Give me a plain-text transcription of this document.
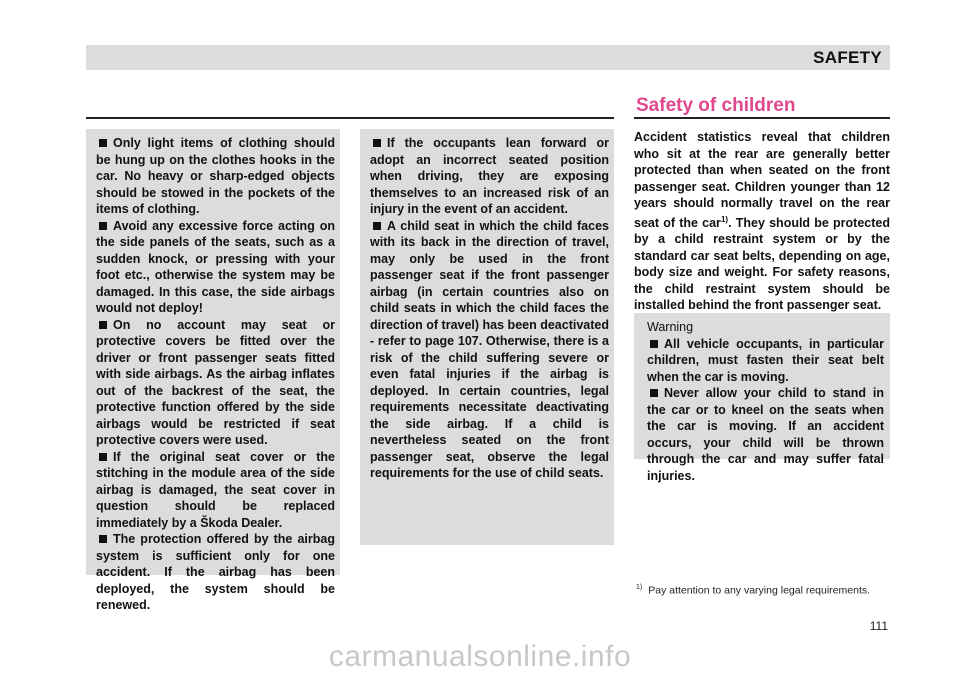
SAFETY
Safety of children

Only light items of clothing should be hung up on the clothes hooks in the car. No heavy or sharp-edged objects should be stowed in the pockets of the items of clothing.

Avoid any excessive force acting on the side panels of the seats, such as a sudden knock, or pressing with your foot etc., otherwise the system may be damaged. In this case, the side airbags would not deploy!

On no account may seat or protective covers be fitted over the driver or front passenger seats fitted with side airbags. As the airbag inflates out of the backrest of the seat, the protective function offered by the side airbags would be restricted if seat protective covers were used.

If the original seat cover or the stitching in the module area of the side airbag is damaged, the seat cover in question should be replaced immediately by a Škoda Dealer.

The protection offered by the airbag system is sufficient only for one accident. If the airbag has been deployed, the system should be renewed.

If the occupants lean forward or adopt an incorrect seated position when driving, they are exposing themselves to an increased risk of an injury in the event of an accident.

A child seat in which the child faces with its back in the direction of travel, may only be used in the front passenger seat if the front passenger airbag (in certain countries also on child seats in which the child faces the direction of travel) has been deactivated - refer to page 107. Otherwise, there is a risk of the child suffering severe or even fatal injuries if the airbag is deployed. In certain countries, legal requirements necessitate deactivating the side airbag. If a child is nevertheless seated on the front passenger seat, observe the legal requirements for the use of child seats.

Accident statistics reveal that children who sit at the rear are generally better protected than when seated on the front passenger seat. Children younger than 12 years should normally travel on the rear seat of the car$^{1)}$. They should be protected by a child restraint system or by the standard car seat belts, depending on age, body size and weight. For safety reasons, the child restraint system should be installed behind the front passenger seat.

Warning

All vehicle occupants, in particular children, must fasten their seat belt when the car is moving.

Never allow your child to stand in the car or to kneel on the seats when the car is moving. If an accident occurs, your child will be thrown through the car and may suffer fatal injuries.

$^{1)}$ Pay attention to any varying legal requirements.
111
carmanualsonline.info
